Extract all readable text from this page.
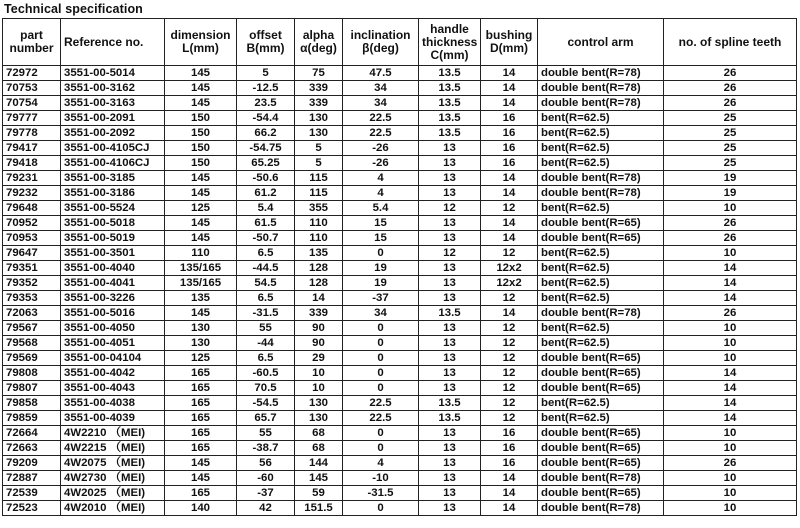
Technical specification
part number	Reference no.	dimension L(mm)	offset B(mm)	alpha α(deg)	inclination β(deg)	handle thickness C(mm)	bushing D(mm)	control arm	no. of spline teeth
72972	3551-00-5014	145	5	75	47.5	13.5	14	double bent(R=78)	26
70753	3551-00-3162	145	-12.5	339	34	13.5	14	double bent(R=78)	26
70754	3551-00-3163	145	23.5	339	34	13.5	14	double bent(R=78)	26
79777	3551-00-2091	150	-54.4	130	22.5	13.5	16	bent(R=62.5)	25
79778	3551-00-2092	150	66.2	130	22.5	13.5	16	bent(R=62.5)	25
79417	3551-00-4105CJ	150	-54.75	5	-26	13	16	bent(R=62.5)	25
79418	3551-00-4106CJ	150	65.25	5	-26	13	16	bent(R=62.5)	25
79231	3551-00-3185	145	-50.6	115	4	13	14	double bent(R=78)	19
79232	3551-00-3186	145	61.2	115	4	13	14	double bent(R=78)	19
79648	3551-00-5524	125	5.4	355	5.4	12	12	bent(R=62.5)	10
70952	3551-00-5018	145	61.5	110	15	13	14	double bent(R=65)	26
70953	3551-00-5019	145	-50.7	110	15	13	14	double bent(R=65)	26
79647	3551-00-3501	110	6.5	135	0	12	12	bent(R=62.5)	10
79351	3551-00-4040	135/165	-44.5	128	19	13	12x2	bent(R=62.5)	14
79352	3551-00-4041	135/165	54.5	128	19	13	12x2	bent(R=62.5)	14
79353	3551-00-3226	135	6.5	14	-37	13	12	bent(R=62.5)	14
72063	3551-00-5016	145	-31.5	339	34	13.5	14	double bent(R=78)	26
79567	3551-00-4050	130	55	90	0	13	12	bent(R=62.5)	10
79568	3551-00-4051	130	-44	90	0	13	12	bent(R=62.5)	10
79569	3551-00-04104	125	6.5	29	0	13	12	double bent(R=65)	10
79808	3551-00-4042	165	-60.5	10	0	13	12	double bent(R=65)	14
79807	3551-00-4043	165	70.5	10	0	13	12	double bent(R=65)	14
79858	3551-00-4038	165	-54.5	130	22.5	13.5	12	bent(R=62.5)	14
79859	3551-00-4039	165	65.7	130	22.5	13.5	12	bent(R=62.5)	14
72664	4W2210 （MEI)	165	55	68	0	13	16	double bent(R=65)	10
72663	4W2215 （MEI)	165	-38.7	68	0	13	16	double bent(R=65)	10
79209	4W2075 （MEI)	145	56	144	4	13	16	double bent(R=65)	26
72887	4W2730 （MEI)	145	-60	145	-10	13	14	double bent(R=78)	10
72539	4W2025 （MEI)	165	-37	59	-31.5	13	14	double bent(R=65)	10
72523	4W2010 （MEI)	140	42	151.5	0	13	14	double bent(R=78)	10
